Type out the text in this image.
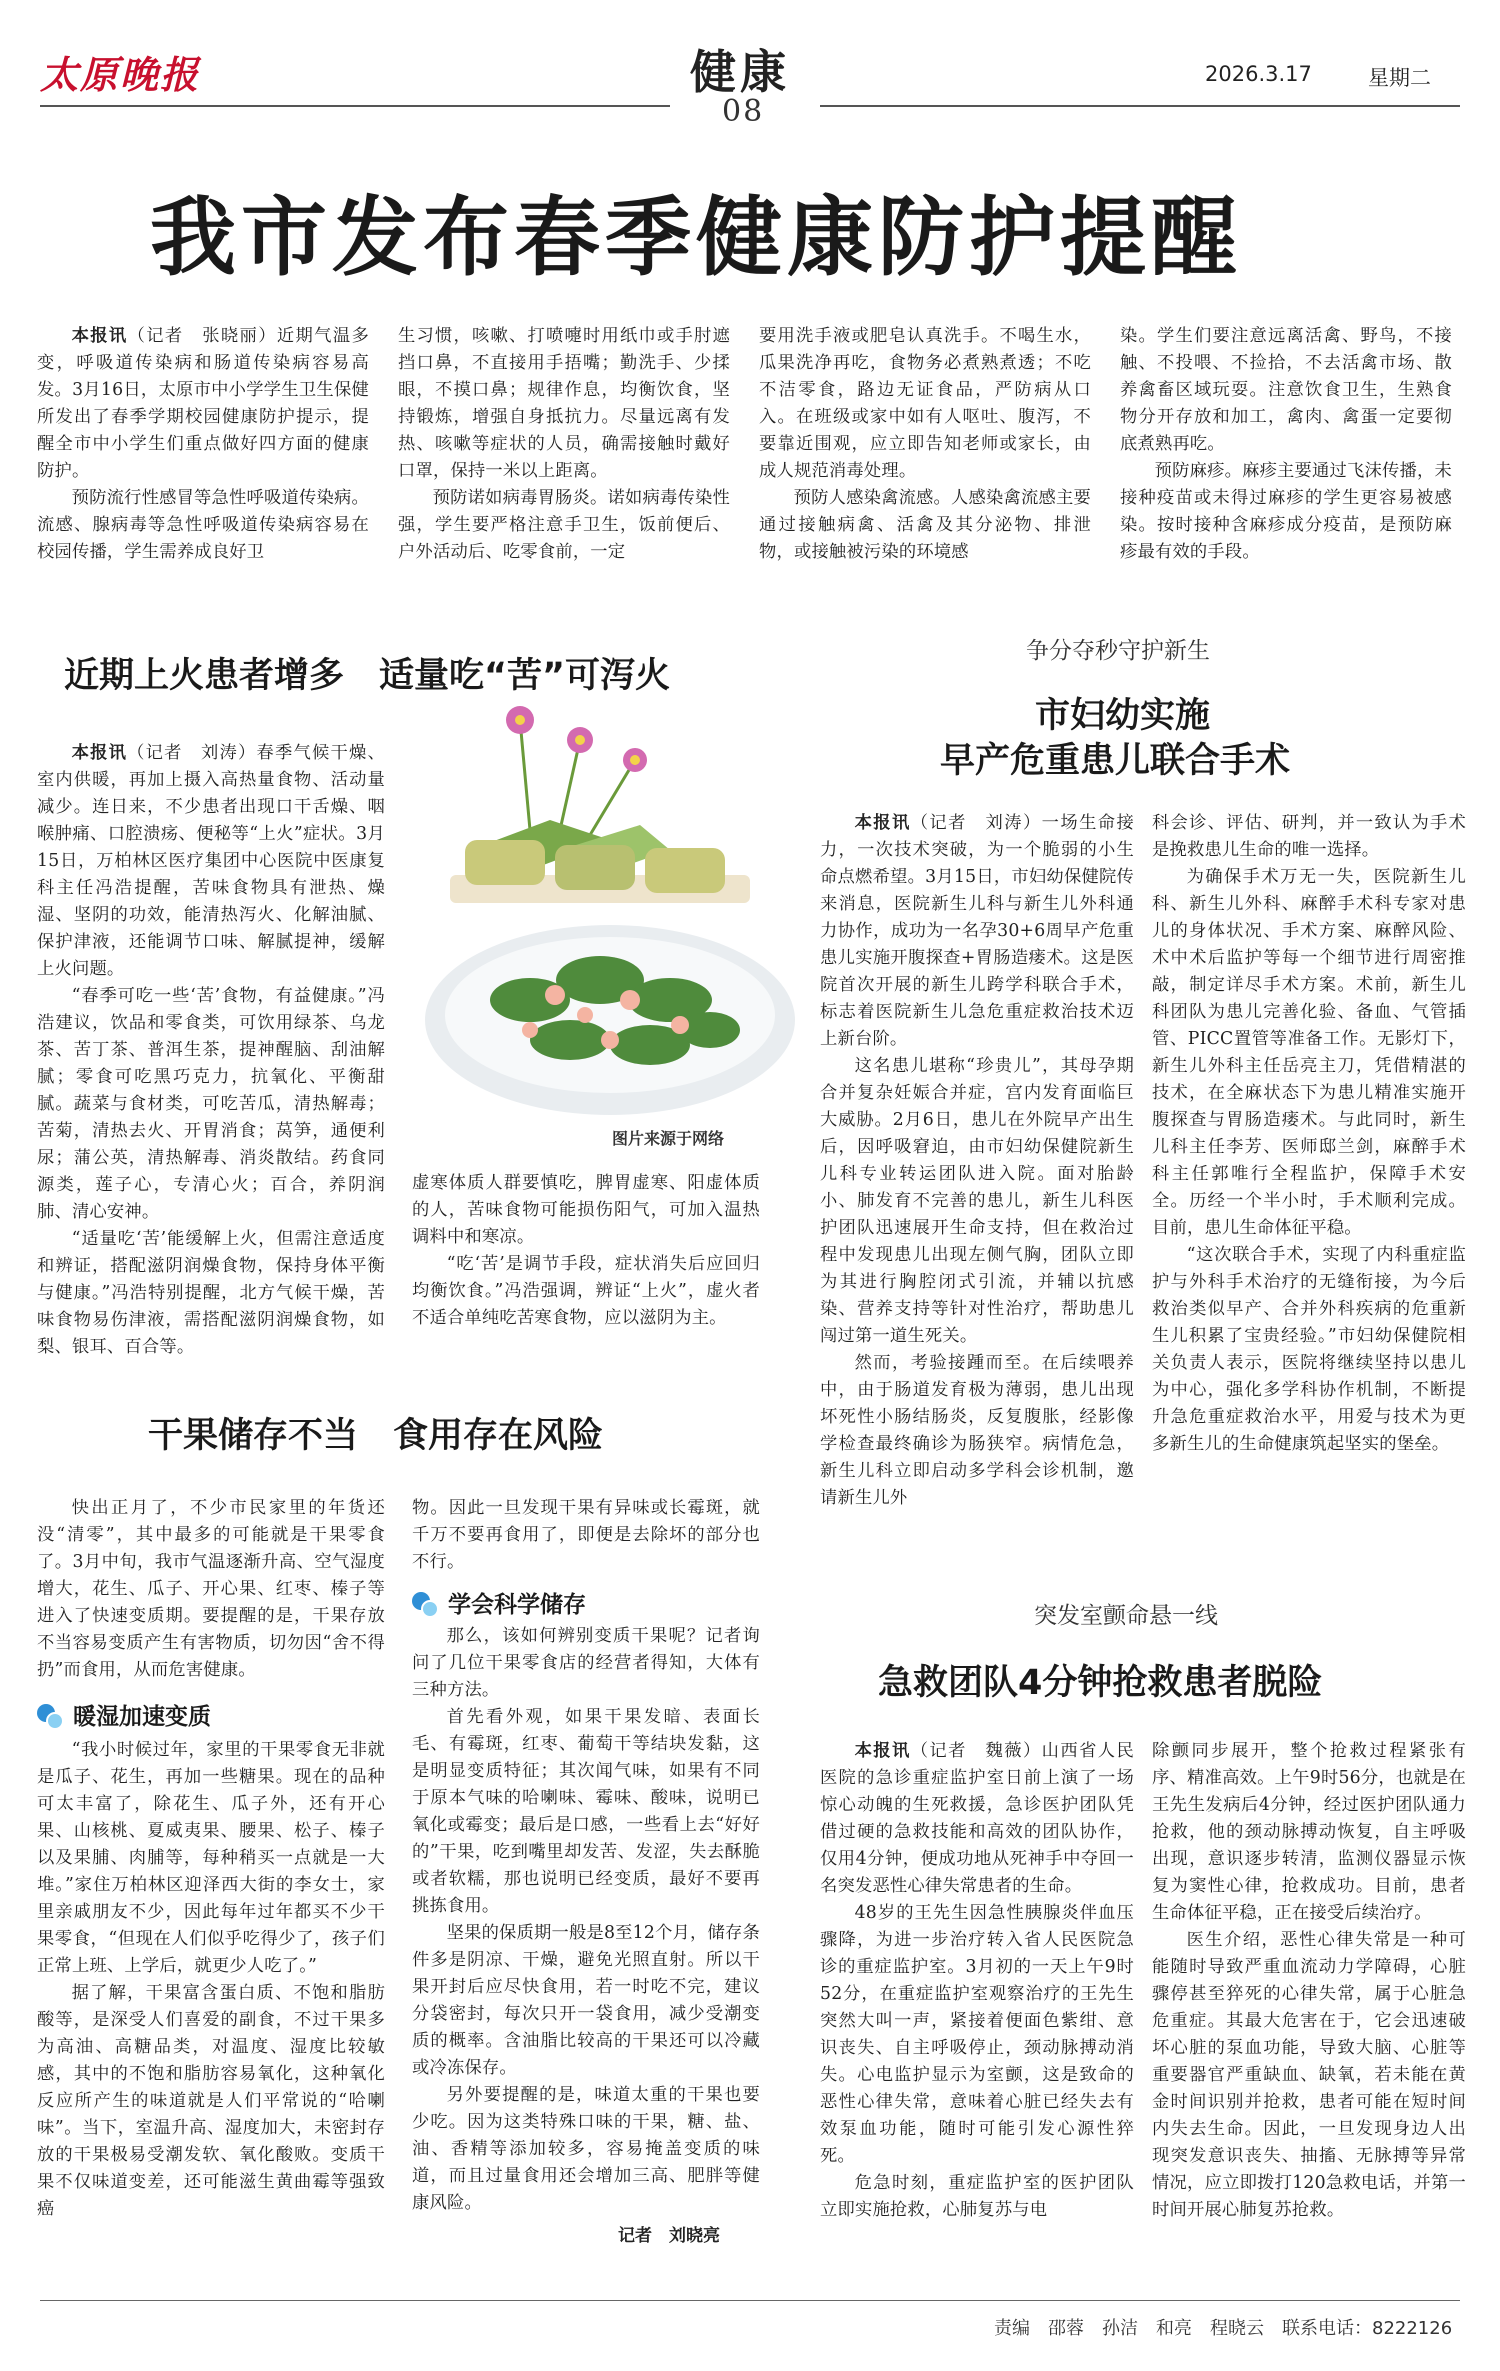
太原晚报	健康
08
2026.3.17	星期二
我市发布春季健康防护提醒

本报讯（记者　张晓丽）近期气温多变，呼吸道传染病和肠道传染病容易高发。3月16日，太原市中小学学生卫生保健所发出了春季学期校园健康防护提示，提醒全市中小学生们重点做好四方面的健康防护。

预防流行性感冒等急性呼吸道传染病。流感、腺病毒等急性呼吸道传染病容易在校园传播，学生需养成良好卫

生习惯，咳嗽、打喷嚏时用纸巾或手肘遮挡口鼻，不直接用手捂嘴；勤洗手、少揉眼，不摸口鼻；规律作息，均衡饮食，坚持锻炼，增强自身抵抗力。尽量远离有发热、咳嗽等症状的人员，确需接触时戴好口罩，保持一米以上距离。

预防诺如病毒胃肠炎。诺如病毒传染性强，学生要严格注意手卫生，饭前便后、户外活动后、吃零食前，一定

要用洗手液或肥皂认真洗手。不喝生水，瓜果洗净再吃，食物务必煮熟煮透；不吃不洁零食，路边无证食品，严防病从口入。在班级或家中如有人呕吐、腹泻，不要靠近围观，应立即告知老师或家长，由成人规范消毒处理。

预防人感染禽流感。人感染禽流感主要通过接触病禽、活禽及其分泌物、排泄物，或接触被污染的环境感

染。学生们要注意远离活禽、野鸟，不接触、不投喂、不捡拾，不去活禽市场、散养禽畜区域玩耍。注意饮食卫生，生熟食物分开存放和加工，禽肉、禽蛋一定要彻底煮熟再吃。

预防麻疹。麻疹主要通过飞沫传播，未接种疫苗或未得过麻疹的学生更容易被感染。按时接种含麻疹成分疫苗，是预防麻疹最有效的手段。

近期上火患者增多　适量吃“苦”可泻火

本报讯（记者　刘涛）春季气候干燥、室内供暖，再加上摄入高热量食物、活动量减少。连日来，不少患者出现口干舌燥、咽喉肿痛、口腔溃疡、便秘等“上火”症状。3月15日，万柏林区医疗集团中心医院中医康复科主任冯浩提醒，苦味食物具有泄热、燥湿、坚阴的功效，能清热泻火、化解油腻、保护津液，还能调节口味、解腻提神，缓解上火问题。

“春季可吃一些‘苦’食物，有益健康。”冯浩建议，饮品和零食类，可饮用绿茶、乌龙茶、苦丁茶、普洱生茶，提神醒脑、刮油解腻；零食可吃黑巧克力，抗氧化、平衡甜腻。蔬菜与食材类，可吃苦瓜，清热解毒；苦菊，清热去火、开胃消食；莴笋，通便利尿；蒲公英，清热解毒、消炎散结。药食同源类，莲子心，专清心火；百合，养阴润肺、清心安神。

“适量吃‘苦’能缓解上火，但需注意适度和辨证，搭配滋阴润燥食物，保持身体平衡与健康。”冯浩特别提醒，北方气候干燥，苦味食物易伤津液，需搭配滋阴润燥食物，如梨、银耳、百合等。

图片来源于网络

虚寒体质人群要慎吃，脾胃虚寒、阳虚体质的人，苦味食物可能损伤阳气，可加入温热调料中和寒凉。

“吃‘苦’是调节手段，症状消失后应回归均衡饮食。”冯浩强调，辨证“上火”，虚火者不适合单纯吃苦寒食物，应以滋阴为主。

争分夺秒守护新生
市妇幼实施
早产危重患儿联合手术

本报讯（记者　刘涛）一场生命接力，一次技术突破，为一个脆弱的小生命点燃希望。3月15日，市妇幼保健院传来消息，医院新生儿科与新生儿外科通力协作，成功为一名孕30+6周早产危重患儿实施开腹探查+胃肠造瘘术。这是医院首次开展的新生儿跨学科联合手术，标志着医院新生儿急危重症救治技术迈上新台阶。

这名患儿堪称“珍贵儿”，其母孕期合并复杂妊娠合并症，宫内发育面临巨大威胁。2月6日，患儿在外院早产出生后，因呼吸窘迫，由市妇幼保健院新生儿科专业转运团队进入院。面对胎龄小、肺发育不完善的患儿，新生儿科医护团队迅速展开生命支持，但在救治过程中发现患儿出现左侧气胸，团队立即为其进行胸腔闭式引流，并辅以抗感染、营养支持等针对性治疗，帮助患儿闯过第一道生死关。

然而，考验接踵而至。在后续喂养中，由于肠道发育极为薄弱，患儿出现坏死性小肠结肠炎，反复腹胀，经影像学检查最终确诊为肠狭窄。病情危急，新生儿科立即启动多学科会诊机制，邀请新生儿外

科会诊、评估、研判，并一致认为手术是挽救患儿生命的唯一选择。

为确保手术万无一失，医院新生儿科、新生儿外科、麻醉手术科专家对患儿的身体状况、手术方案、麻醉风险、术中术后监护等每一个细节进行周密推敲，制定详尽手术方案。术前，新生儿科团队为患儿完善化验、备血、气管插管、PICC置管等准备工作。无影灯下，新生儿外科主任岳亮主刀，凭借精湛的技术，在全麻状态下为患儿精准实施开腹探查与胃肠造瘘术。与此同时，新生儿科主任李芳、医师邸兰剑，麻醉手术科主任郭唯行全程监护，保障手术安全。历经一个半小时，手术顺利完成。目前，患儿生命体征平稳。

“这次联合手术，实现了内科重症监护与外科手术治疗的无缝衔接，为今后救治类似早产、合并外科疾病的危重新生儿积累了宝贵经验。”市妇幼保健院相关负责人表示，医院将继续坚持以患儿为中心，强化多学科协作机制，不断提升急危重症救治水平，用爱与技术为更多新生儿的生命健康筑起坚实的堡垒。

干果储存不当　食用存在风险

快出正月了，不少市民家里的年货还没“清零”，其中最多的可能就是干果零食了。3月中旬，我市气温逐渐升高、空气湿度增大，花生、瓜子、开心果、红枣、榛子等进入了快速变质期。要提醒的是，干果存放不当容易变质产生有害物质，切勿因“舍不得扔”而食用，从而危害健康。

暖湿加速变质

“我小时候过年，家里的干果零食无非就是瓜子、花生，再加一些糖果。现在的品种可太丰富了，除花生、瓜子外，还有开心果、山核桃、夏威夷果、腰果、松子、榛子以及果脯、肉脯等，每种稍买一点就是一大堆。”家住万柏林区迎泽西大街的李女士，家里亲戚朋友不少，因此每年过年都买不少干果零食，“但现在人们似乎吃得少了，孩子们正常上班、上学后，就更少人吃了。”

据了解，干果富含蛋白质、不饱和脂肪酸等，是深受人们喜爱的副食，不过干果多为高油、高糖品类，对温度、湿度比较敏感，其中的不饱和脂肪容易氧化，这种氧化反应所产生的味道就是人们平常说的“哈喇味”。当下，室温升高、湿度加大，未密封存放的干果极易受潮发软、氧化酸败。变质干果不仅味道变差，还可能滋生黄曲霉等强致癌

物。因此一旦发现干果有异味或长霉斑，就千万不要再食用了，即便是去除坏的部分也不行。

学会科学储存

那么，该如何辨别变质干果呢？记者询问了几位干果零食店的经营者得知，大体有三种方法。

首先看外观，如果干果发暗、表面长毛、有霉斑，红枣、葡萄干等结块发黏，这是明显变质特征；其次闻气味，如果有不同于原本气味的哈喇味、霉味、酸味，说明已氧化或霉变；最后是口感，一些看上去“好好的”干果，吃到嘴里却发苦、发涩，失去酥脆或者软糯，那也说明已经变质，最好不要再挑拣食用。

坚果的保质期一般是8至12个月，储存条件多是阴凉、干燥，避免光照直射。所以干果开封后应尽快食用，若一时吃不完，建议分袋密封，每次只开一袋食用，减少受潮变质的概率。含油脂比较高的干果还可以冷藏或冷冻保存。

另外要提醒的是，味道太重的干果也要少吃。因为这类特殊口味的干果，糖、盐、油、香精等添加较多，容易掩盖变质的味道，而且过量食用还会增加三高、肥胖等健康风险。

记者　刘晓亮

突发室颤命悬一线
急救团队4分钟抢救患者脱险

本报讯（记者　魏薇）山西省人民医院的急诊重症监护室日前上演了一场惊心动魄的生死救援，急诊医护团队凭借过硬的急救技能和高效的团队协作，仅用4分钟，便成功地从死神手中夺回一名突发恶性心律失常患者的生命。

48岁的王先生因急性胰腺炎伴血压骤降，为进一步治疗转入省人民医院急诊的重症监护室。3月初的一天上午9时52分，在重症监护室观察治疗的王先生突然大叫一声，紧接着便面色紫绀、意识丧失、自主呼吸停止，颈动脉搏动消失。心电监护显示为室颤，这是致命的恶性心律失常，意味着心脏已经失去有效泵血功能，随时可能引发心源性猝死。

危急时刻，重症监护室的医护团队立即实施抢救，心肺复苏与电

除颤同步展开，整个抢救过程紧张有序、精准高效。上午9时56分，也就是在王先生发病后4分钟，经过医护团队通力抢救，他的颈动脉搏动恢复，自主呼吸出现，意识逐步转清，监测仪器显示恢复为窦性心律，抢救成功。目前，患者生命体征平稳，正在接受后续治疗。

医生介绍，恶性心律失常是一种可能随时导致严重血流动力学障碍，心脏骤停甚至猝死的心律失常，属于心脏急危重症。其最大危害在于，它会迅速破坏心脏的泵血功能，导致大脑、心脏等重要器官严重缺血、缺氧，若未能在黄金时间识别并抢救，患者可能在短时间内失去生命。因此，一旦发现身边人出现突发意识丧失、抽搐、无脉搏等异常情况，应立即拨打120急救电话，并第一时间开展心肺复苏抢救。

责编　邵蓉　孙洁　和亮　程晓云　联系电话：8222126
